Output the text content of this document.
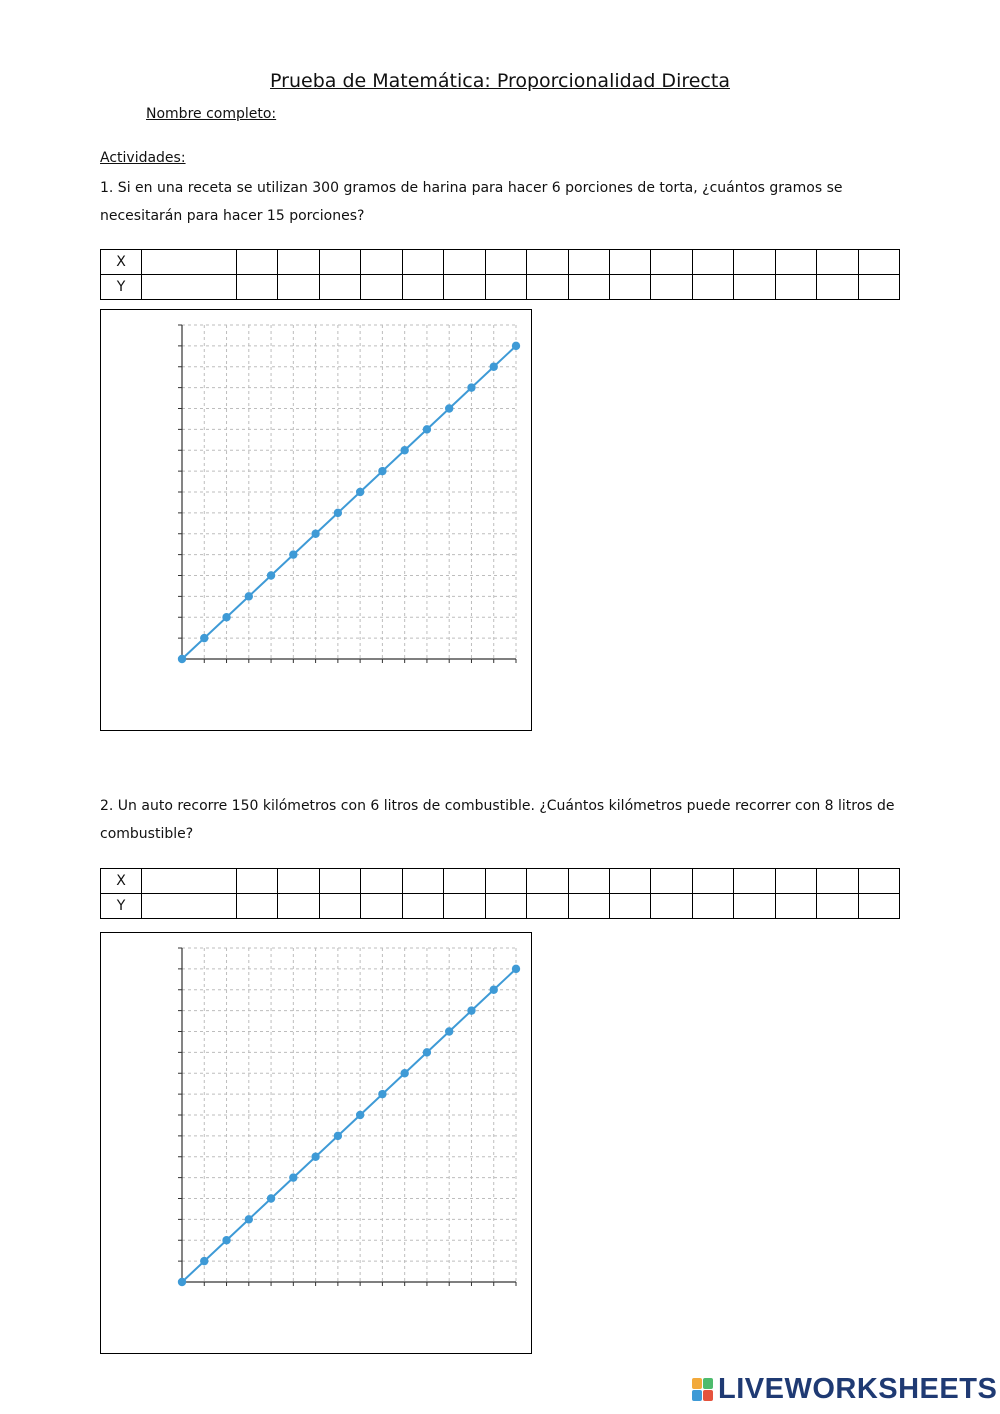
Prueba de Matemática: Proporcionalidad Directa
Nombre completo:
Actividades:
1. Si en una receta se utilizan 300 gramos de harina para hacer 6 porciones de torta, ¿cuántos gramos se necesitarán para hacer 15 porciones?
X																	
Y																	
2. Un auto recorre 150 kilómetros con 6 litros de combustible. ¿Cuántos kilómetros puede recorrer con 8 litros de combustible?
X																	
Y																	
LIVEWORKSHEETS
